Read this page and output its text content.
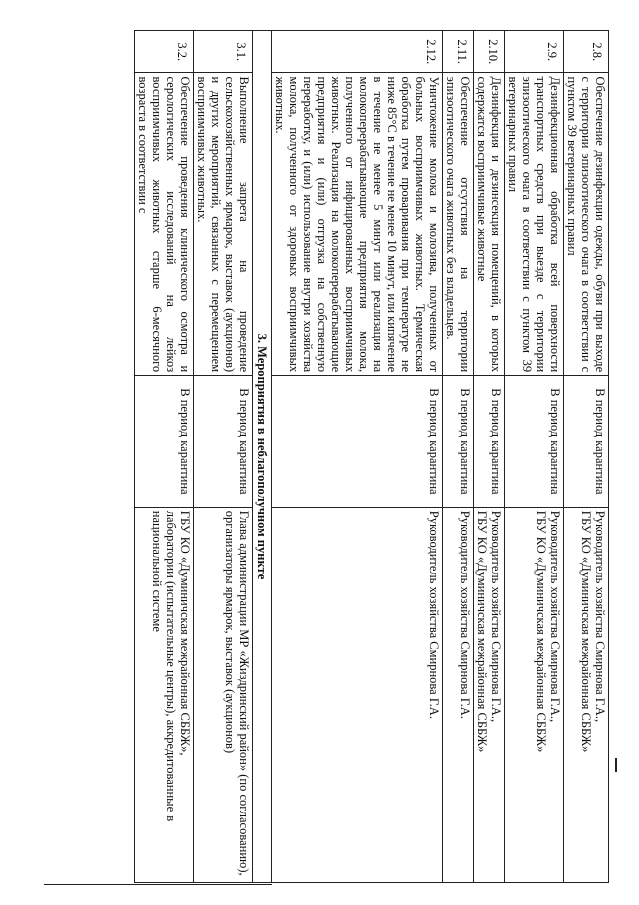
2.8.	Обеспечение дезинфекции одежды, обуви при выходе с территории эпизоотического очага в соответствии с пунктом 39 ветеринарных правил	В период карантина	Руководитель хозяйства Смирнова Г.А.,
ГБУ КО «Думиничская межрайонная СББЖ»

2.9.	Дезинфекционная обработка всей поверхности транспортных средств при выезде с территории эпизоотического очага в соответствии с пунктом 39 ветеринарных правил	В период карантина	Руководитель хозяйства Смирнова Г.А.,
ГБУ КО «Думиничская межрайонная СББЖ»

2.10.	Дезинфекция и дезинсекция помещений, в которых содержатся восприимчивые животные	В период карантина	Руководитель хозяйства Смирнова Г.А.,
ГБУ КО «Думиничская межрайонная СББЖ»

2.11.	Обеспечение отсутствия на территории эпизоотического очага животных без владельцев.	В период карантина	Руководитель хозяйства Смирнова Г.А.

2.12.	Уничтожение молока и молозива, полученных от больных восприимчивых животных. Термическая обработка путем проваривания при температуре не ниже 85°С в течение не менее 10 минут, или кипячение в течение не менее 5 минут или реализация на молокоперерабатывающие предприятия молока, полученного от инфицированных восприимчивых животных. Реализация на молокоперерабатывающие предприятия и (или) отгрузка на собственную переработку, и (или) использование внутри хозяйства молока, полученного от здоровых восприимчивых животных.	В период карантина	Руководитель хозяйства Смирнова Г.А.

3. Мероприятия в неблагополучном пункте			
3.1.	Выполнение запрета на проведение сельскохозяйственных ярмарок, выставок (аукционов) и других мероприятий, связанных с перемещением восприимчивых животных.	В период карантина	Глава администрации МР «Жиздринский район» (по согласованию),
организаторы ярмарок, выставок (аукционов)

3.2.	Обеспечение проведения клинического осмотра и серологических исследований на лейкоз восприимчивых животных старше 6-месячного возраста в соответствии с	В период карантина	ГБУ КО «Думиничская межрайонная СББЖ»,
лаборатории (испытательные центры), аккредитованные в национальной системе
